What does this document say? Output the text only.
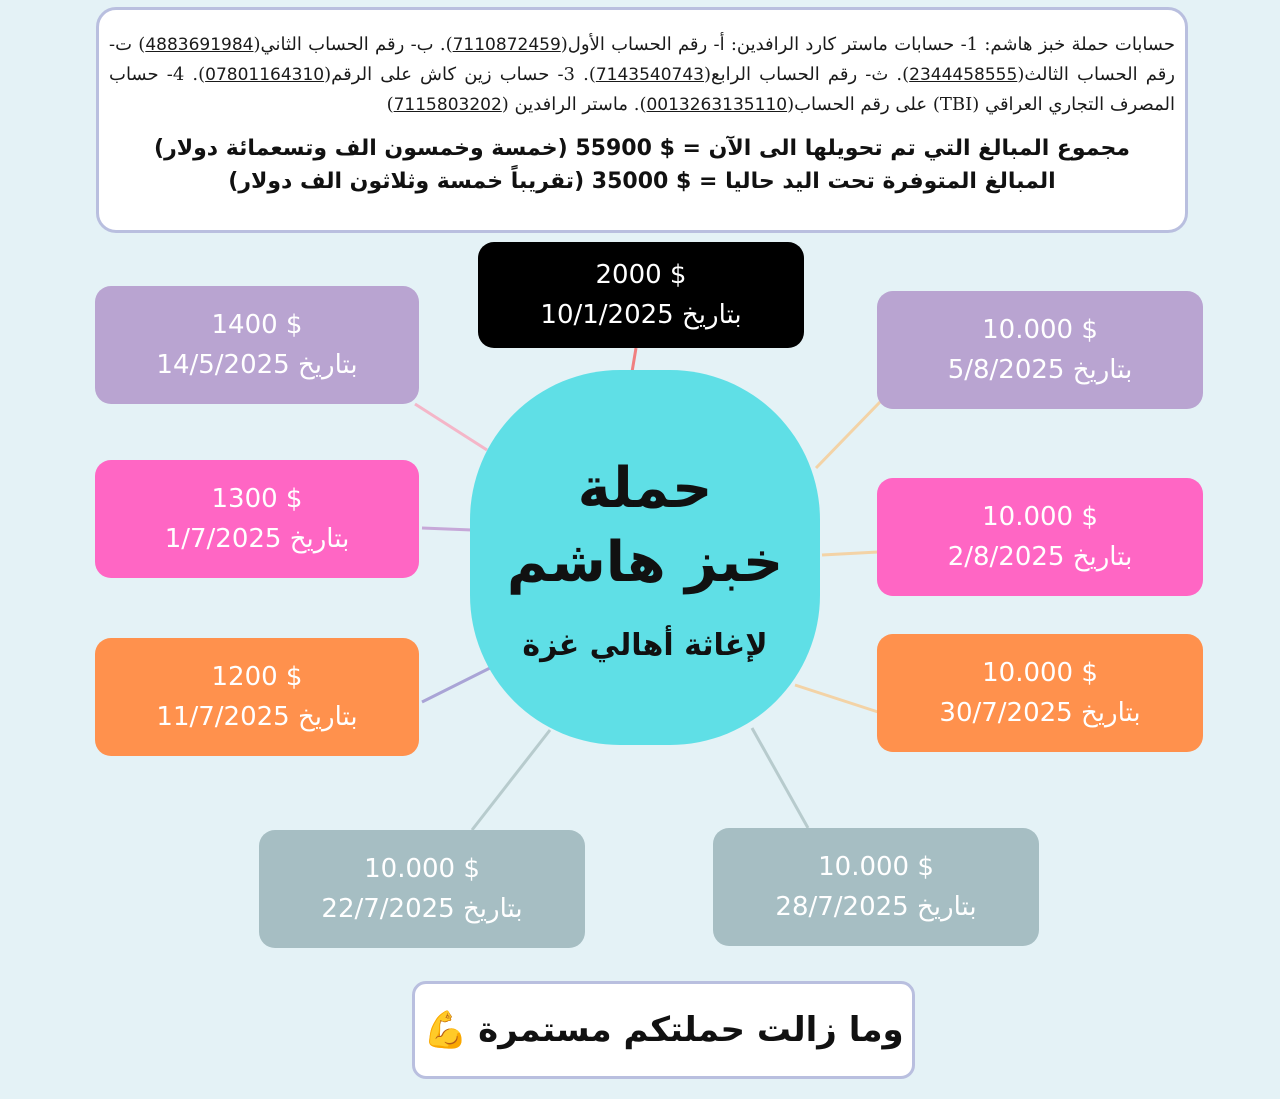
حسابات حملة خبز هاشم: 1- حسابات ماستر كارد الرافدين: أ- رقم الحساب الأول(7110872459). ب- رقم الحساب الثاني(4883691984) ت- رقم الحساب الثالث(2344458555). ث- رقم الحساب الرابع(7143540743). 3- حساب زين كاش على الرقم(07801164310). 4- حساب المصرف التجاري العراقي (TBI) على رقم الحساب(0013263135110). ماستر الرافدين (7115803202)
مجموع المبالغ التي تم تحويلها الى الآن = $ 55900 (خمسة وخمسون الف وتسعمائة دولار)
المبالغ المتوفرة تحت اليد حاليا = $ 35000 (تقريباً خمسة وثلاثون الف دولار)
حملة
خبز هاشم
لإغاثة أهالي غزة
2000 $
بتاريخ 10/1/2025
1400 $
بتاريخ 14/5/2025
1300 $
بتاريخ 1/7/2025
1200 $
بتاريخ 11/7/2025
10.000 $
بتاريخ 22/7/2025
10.000 $
بتاريخ 28/7/2025
10.000 $
بتاريخ 30/7/2025
10.000 $
بتاريخ 2/8/2025
10.000 $
بتاريخ 5/8/2025
وما زالت حملتكم مستمرة
💪
